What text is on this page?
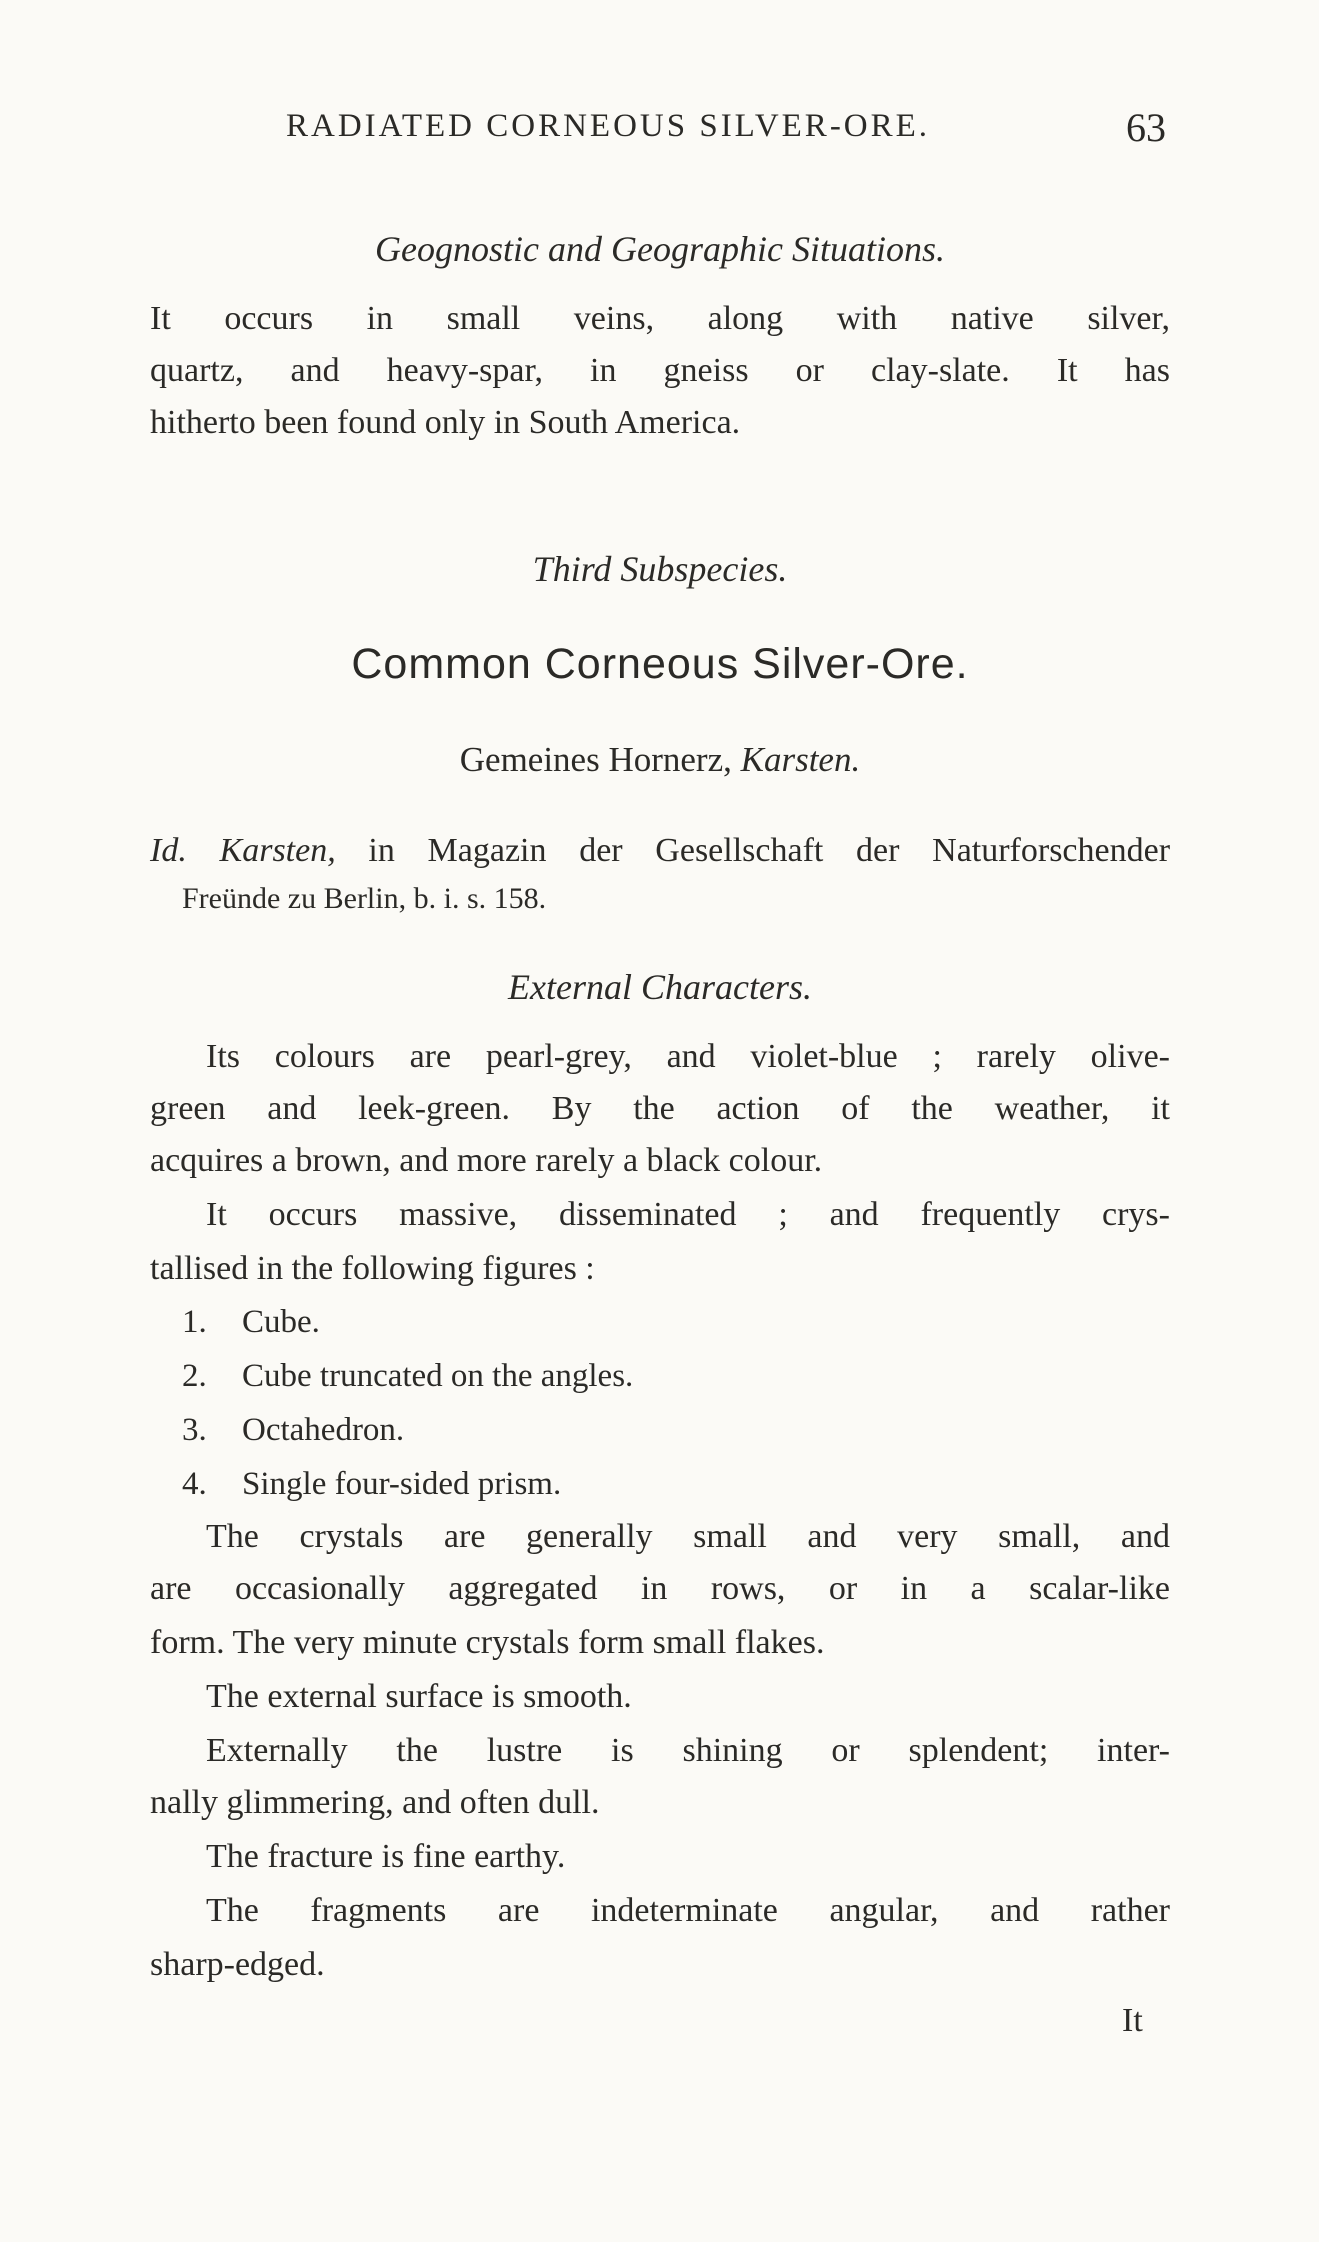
RADIATED CORNEOUS SILVER-ORE.	63
Geognostic and Geographic Situations.
It occurs in small veins, along with native silver,
quartz, and heavy-spar, in gneiss or clay-slate. It has
hitherto been found only in South America.
Third Subspecies.
Common Corneous Silver-Ore.
Gemeines Hornerz, Karsten.
Id. Karsten, in Magazin der Gesellschaft der Naturforschender
Freünde zu Berlin, b. i. s. 158.
External Characters.
Its colours are pearl-grey, and violet-blue ; rarely olive-
green and leek-green. By the action of the weather, it
acquires a brown, and more rarely a black colour.
It occurs massive, disseminated ; and frequently crys-
tallised in the following figures :
1. Cube.
2. Cube truncated on the angles.
3. Octahedron.
4. Single four-sided prism.
The crystals are generally small and very small, and
are occasionally aggregated in rows, or in a scalar-like
form. The very minute crystals form small flakes.
The external surface is smooth.
Externally the lustre is shining or splendent; inter-
nally glimmering, and often dull.
The fracture is fine earthy.
The fragments are indeterminate angular, and rather
sharp-edged.
It
